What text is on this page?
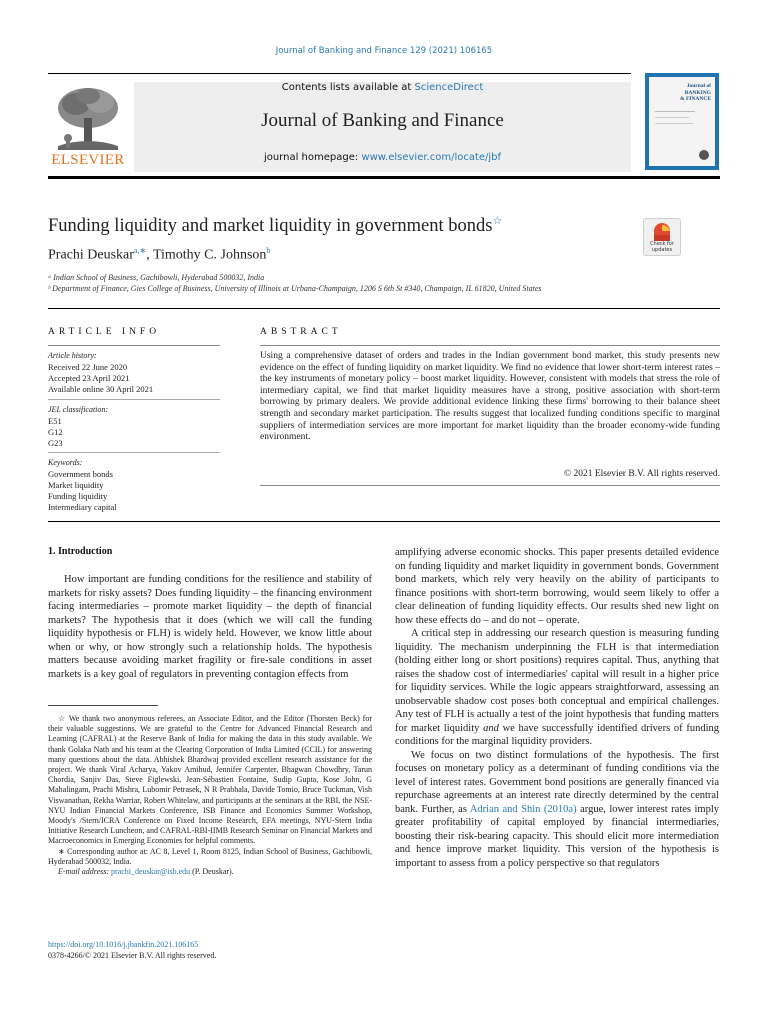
Journal of Banking and Finance 129 (2021) 106165
Contents lists available at ScienceDirect
Journal of Banking and Finance
journal homepage: www.elsevier.com/locate/jbf
ELSEVIER
Journal of
BANKING
& FINANCE
Funding liquidity and market liquidity in government bonds☆
Check for updates
Prachi Deuskar$^{a,∗}$, Timothy C. Johnson$^b$
ᵃ Indian School of Business, Gachibowli, Hyderabad 500032, India
ᵇ Department of Finance, Gies College of Business, University of Illinois at Urbana-Champaign, 1206 S 6th St #340, Champaign, IL 61820, United States
ARTICLE INFO	ABSTRACT
Article history:
Received 22 June 2020
Accepted 23 April 2021
Available online 30 April 2021
JEL classification:
E51
G12
G23
Keywords:
Government bonds
Market liquidity
Funding liquidity
Intermediary capital
Using a comprehensive dataset of orders and trades in the Indian government bond market, this study presents new evidence on the effect of funding liquidity on market liquidity. We find no evidence that lower short-term interest rates – the key instruments of monetary policy – boost market liquidity. However, consistent with models that stress the role of intermediary capital, we find that market liquidity measures have a strong, positive association with short-term borrowing by primary dealers. We provide additional evidence linking these firms' borrowing to their balance sheet strength and secondary market participation. The results suggest that localized funding conditions specific to marginal suppliers of intermediation services are more important for market liquidity than the broader economy-wide funding environment.
© 2021 Elsevier B.V. All rights reserved.
1. Introduction

How important are funding conditions for the resilience and stability of markets for risky assets? Does funding liquidity – the financing environment facing intermediaries – promote market liquidity – the depth of financial markets? The hypothesis that it does (which we will call the funding liquidity hypothesis or FLH) is widely held. However, we know little about when or why, or how strongly such a relationship holds. The hypothesis matters because avoiding market fragility or fire-sale conditions in asset markets is a key goal of regulators in preventing contagion effects from

amplifying adverse economic shocks. This paper presents detailed evidence on funding liquidity and market liquidity in government bonds. Government bond markets, which rely very heavily on the ability of participants to finance positions with short-term borrowing, would seem likely to offer a clear delineation of funding liquidity effects. Our results shed new light on how these effects do – and do not – operate.

A critical step in addressing our research question is measuring funding liquidity. The mechanism underpinning the FLH is that intermediation (holding either long or short positions) requires capital. Thus, anything that raises the shadow cost of intermediaries' capital will result in a higher price for liquidity services. While the logic appears straightforward, assessing an unobservable shadow cost poses both conceptual and empirical challenges. Any test of FLH is actually a test of the joint hypothesis that funding matters for market liquidity and we have successfully identified drivers of funding conditions for the marginal liquidity providers.

We focus on two distinct formulations of the hypothesis. The first focuses on monetary policy as a determinant of funding conditions via the level of interest rates. Government bond positions are generally financed via repurchase agreements at an interest rate directly determined by the central bank. Further, as Adrian and Shin (2010a) argue, lower interest rates imply greater profitability of capital employed by financial intermediaries, boosting their risk-bearing capacity. This should elicit more intermediation and hence improve market liquidity. This version of the hypothesis is important to assess from a policy perspective so that regulators

☆ We thank two anonymous referees, an Associate Editor, and the Editor (Thorsten Beck) for their valuable suggestions. We are grateful to the Centre for Advanced Financial Research and Learning (CAFRAL) at the Reserve Bank of India for making the data in this study available. We thank Golaka Nath and his team at the Clearing Corporation of India Limited (CCIL) for answering many questions about the data. Abhishek Bhardwaj provided excellent research assistance for the project. We thank Viral Acharya, Yakov Amihud, Jennifer Carpenter, Bhagwan Chowdhry, Tarun Chordia, Sanjiv Das, Steve Figlewski, Jean-Sébastien Fontaine, Sudip Gupta, Kose John, G Mahalingam, Prachi Mishra, Lubomir Petrasek, N R Prabhala, Davide Tomio, Bruce Tuckman, Vish Viswanathan, Rekha Warriar, Robert Whitelaw, and participants at the seminars at the RBI, the NSE-NYU Indian Financial Markets Conference, ISB Finance and Economics Summer Workshop, Moody's /Stern/ICRA Conference on Fixed Income Research, EFA meetings, NYU-Stern India Initiative Research Luncheon, and CAFRAL-RBI-IIMB Research Seminar on Financial Markets and Macroeconomics in Emerging Economies for helpful comments.

∗ Corresponding author at: AC 8, Level 1, Room 8125, Indian School of Business, Gachibowli, Hyderabad 500032, India.

E-mail address: prachi_deuskar@isb.edu (P. Deuskar).

https://doi.org/10.1016/j.jbankfin.2021.106165
0378-4266/© 2021 Elsevier B.V. All rights reserved.
